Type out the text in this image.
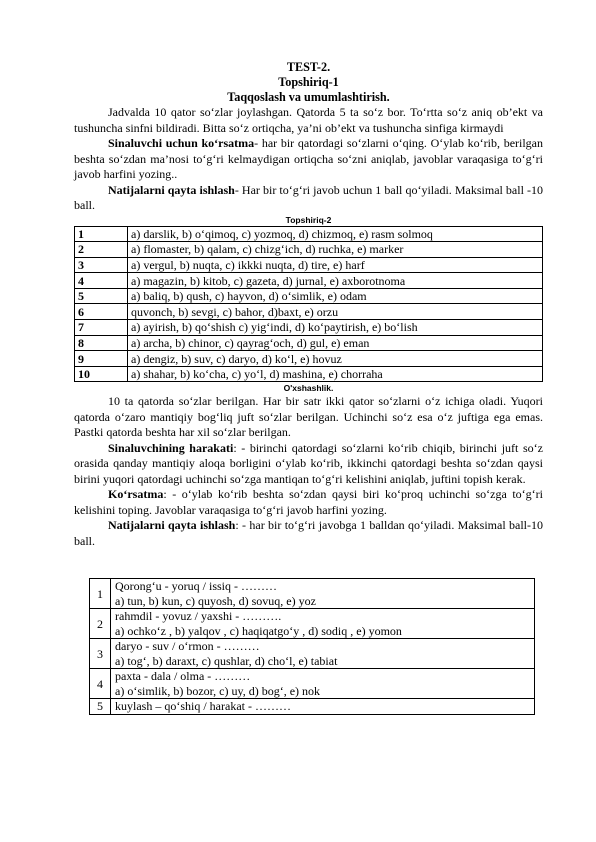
TEST-2.
Topshiriq-1
Taqqoslash va umumlashtirish.

Jadvalda 10 qator so‘zlar joylashgan. Qatorda 5 ta so‘z bor. To‘rtta so‘z aniq ob’ekt va tushuncha sinfni bildiradi. Bitta so‘z ortiqcha, ya’ni ob’ekt va tushuncha sinfiga kirmaydi

Sinaluvchi uchun ko‘rsatma- har bir qatordagi so‘zlarni o‘qing. O‘ylab ko‘rib, berilgan beshta so‘zdan ma’nosi to‘g‘ri kelmaydigan ortiqcha so‘zni aniqlab, javoblar varaqasiga to‘g‘ri javob harfini yozing..

Natijalarni qayta ishlash- Har bir to‘g‘ri javob uchun 1 ball qo‘yiladi. Maksimal ball -10 ball.

Topshiriq-2
1	a) darslik, b) o‘qimoq, c) yozmoq, d) chizmoq, e) rasm solmoq
2	a) flomaster, b) qalam, c) chizg‘ich, d) ruchka, e) marker
3	a) vergul, b) nuqta, c) ikkki nuqta, d) tire, e) harf
4	a) magazin, b) kitob, c) gazeta, d) jurnal, e) axborotnoma
5	a) baliq, b) qush, c) hayvon, d) o‘simlik, e) odam
6	quvonch, b) sevgi, c) bahor, d)baxt, e) orzu
7	a) ayirish, b) qo‘shish c) yig‘indi, d) ko‘paytirish, e) bo‘lish
8	a) archa, b) chinor, c) qayrag‘och, d) gul, e) eman
9	a) dengiz, b) suv, c) daryo, d) ko‘l, e) hovuz
10	a) shahar, b) ko‘cha, c) yo‘l, d) mashina, e) chorraha
O'xshashlik.

10 ta qatorda so‘zlar berilgan. Har bir satr ikki qator so‘zlarni o‘z ichiga oladi. Yuqori qatorda o‘zaro mantiqiy bog‘liq juft so‘zlar berilgan. Uchinchi so‘z esa o‘z juftiga ega emas. Pastki qatorda beshta har xil so‘zlar berilgan.

Sinaluvchining harakati: - birinchi qatordagi so‘zlarni ko‘rib chiqib, birinchi juft so‘z orasida qanday mantiqiy aloqa borligini o‘ylab ko‘rib, ikkinchi qatordagi beshta so‘zdan qaysi birini yuqori qatordagi uchinchi so‘zga mantiqan to‘g‘ri kelishini aniqlab, juftini topish kerak.

Ko‘rsatma: - o‘ylab ko‘rib beshta so‘zdan qaysi biri ko‘proq uchinchi so‘zga to‘g‘ri kelishini toping. Javoblar varaqasiga to‘g‘ri javob harfini yozing.

Natijalarni qayta ishlash: - har bir to‘g‘ri javobga 1 balldan qo‘yiladi. Maksimal ball-10 ball.

1	Qorong‘u - yoruq / issiq - ………
a) tun, b) kun, c) quyosh, d) sovuq, e) yoz

2	rahmdil - yovuz / yaxshi - ……….
a) ochko‘z , b) yalqov , c) haqiqatgo‘y , d) sodiq , e) yomon

3	daryo - suv / o‘rmon - ………
a) tog‘, b) daraxt, c) qushlar, d) cho‘l, e) tabiat

4	paxta - dala / olma - ………
a) o‘simlik, b) bozor, c) uy, d) bog‘, e) nok

5	kuylash – qo‘shiq / harakat - ………
